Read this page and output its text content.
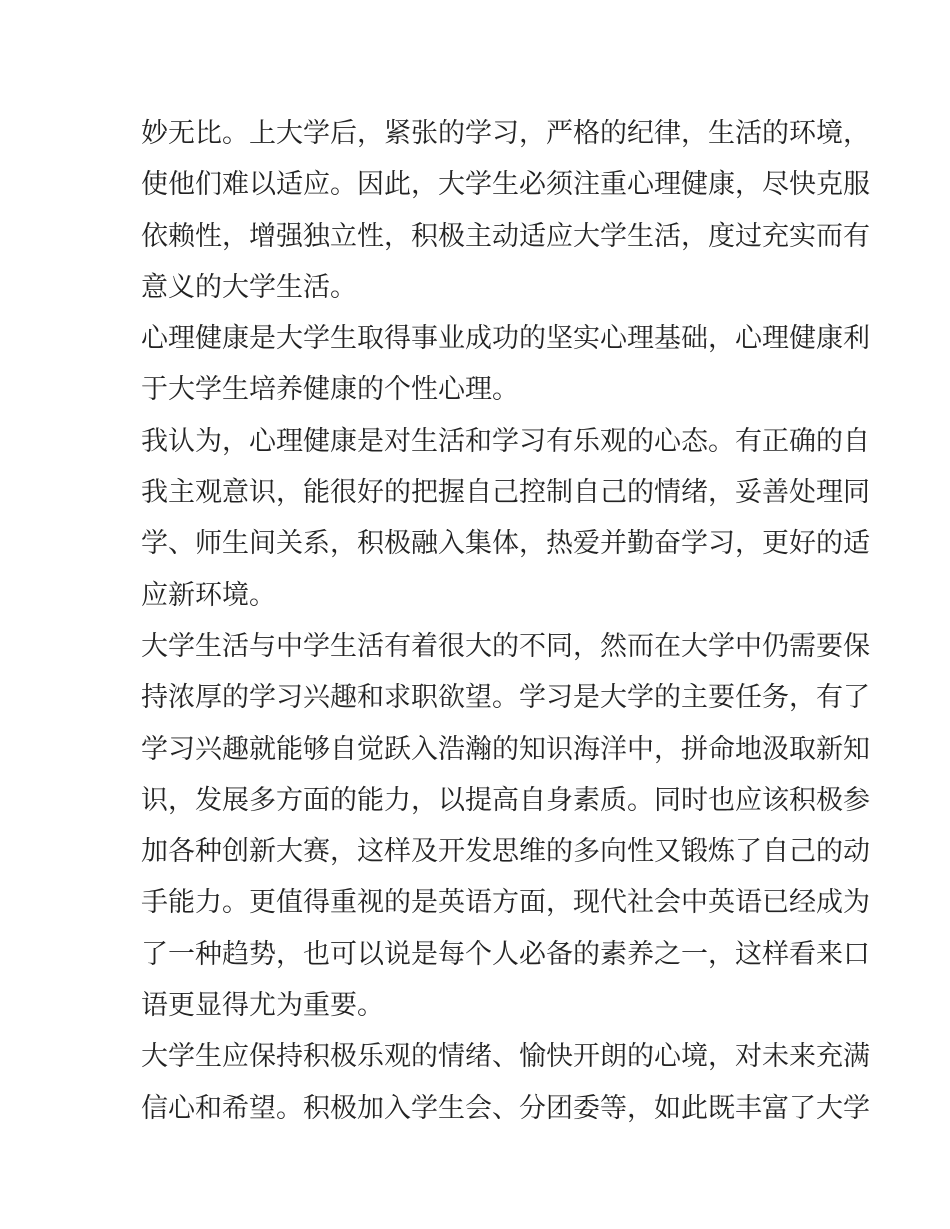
妙无比。上大学后，紧张的学习，严格的纪律，生活的环境，
使他们难以适应。因此，大学生必须注重心理健康，尽快克服
依赖性，增强独立性，积极主动适应大学生活，度过充实而有
意义的大学生活。
心理健康是大学生取得事业成功的坚实心理基础，心理健康利
于大学生培养健康的个性心理。
我认为，心理健康是对生活和学习有乐观的心态。有正确的自
我主观意识，能很好的把握自己控制自己的情绪，妥善处理同
学、师生间关系，积极融入集体，热爱并勤奋学习，更好的适
应新环境。
大学生活与中学生活有着很大的不同，然而在大学中仍需要保
持浓厚的学习兴趣和求职欲望。学习是大学的主要任务，有了
学习兴趣就能够自觉跃入浩瀚的知识海洋中，拼命地汲取新知
识，发展多方面的能力，以提高自身素质。同时也应该积极参
加各种创新大赛，这样及开发思维的多向性又锻炼了自己的动
手能力。更值得重视的是英语方面，现代社会中英语已经成为
了一种趋势，也可以说是每个人必备的素养之一，这样看来口
语更显得尤为重要。
大学生应保持积极乐观的情绪、愉快开朗的心境，对未来充满
信心和希望。积极加入学生会、分团委等，如此既丰富了大学
